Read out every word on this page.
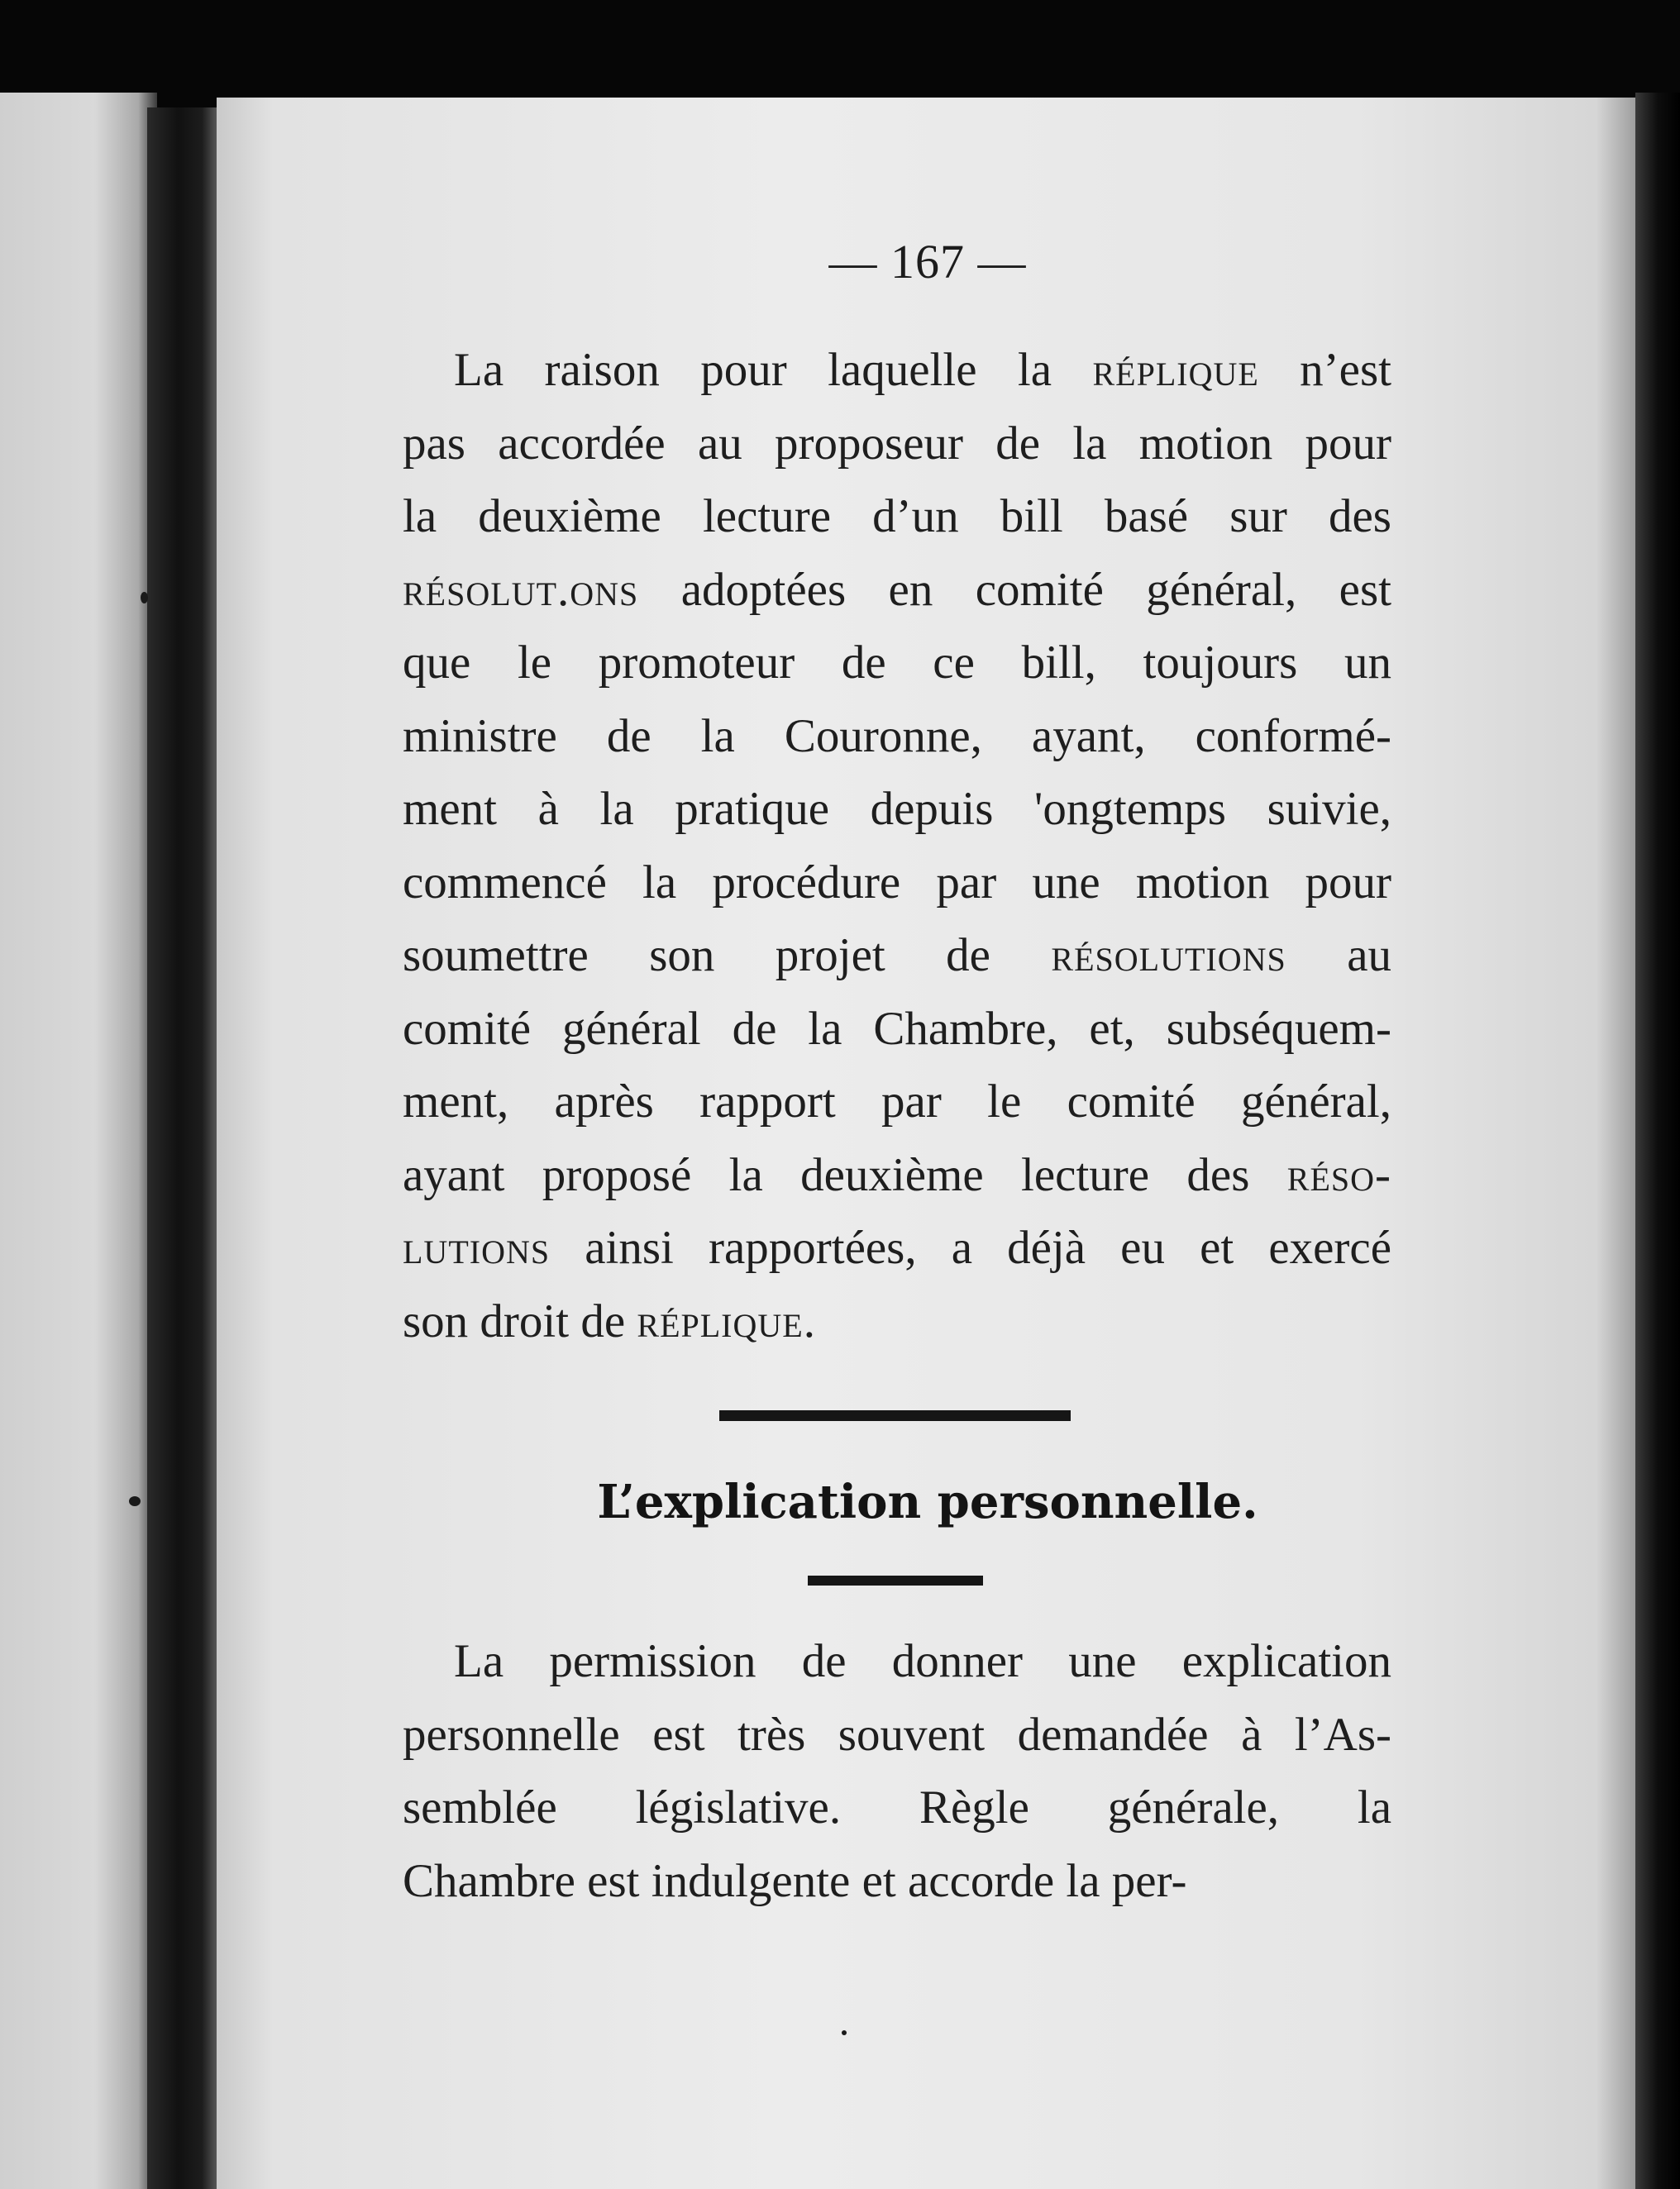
— 167 —
La raison pour laquelle la réplique n’est
pas accordée au proposeur de la motion pour
la deuxième lecture d’un bill basé sur des
résolut.ons adoptées en comité général, est
que le promoteur de ce bill, toujours un
ministre de la Couronne, ayant, conformé-
ment à la pratique depuis 'ongtemps suivie,
commencé la procédure par une motion pour
soumettre son projet de résolutions au
comité général de la Chambre, et, subséquem-
ment, après rapport par le comité général,
ayant proposé la deuxième lecture des réso-
lutions ainsi rapportées, a déjà eu et exercé
son droit de réplique.
L’explication personnelle.
La permission de donner une explication
personnelle est très souvent demandée à l’As-
semblée législative. Règle générale, la
Chambre est indulgente et accorde la per-
